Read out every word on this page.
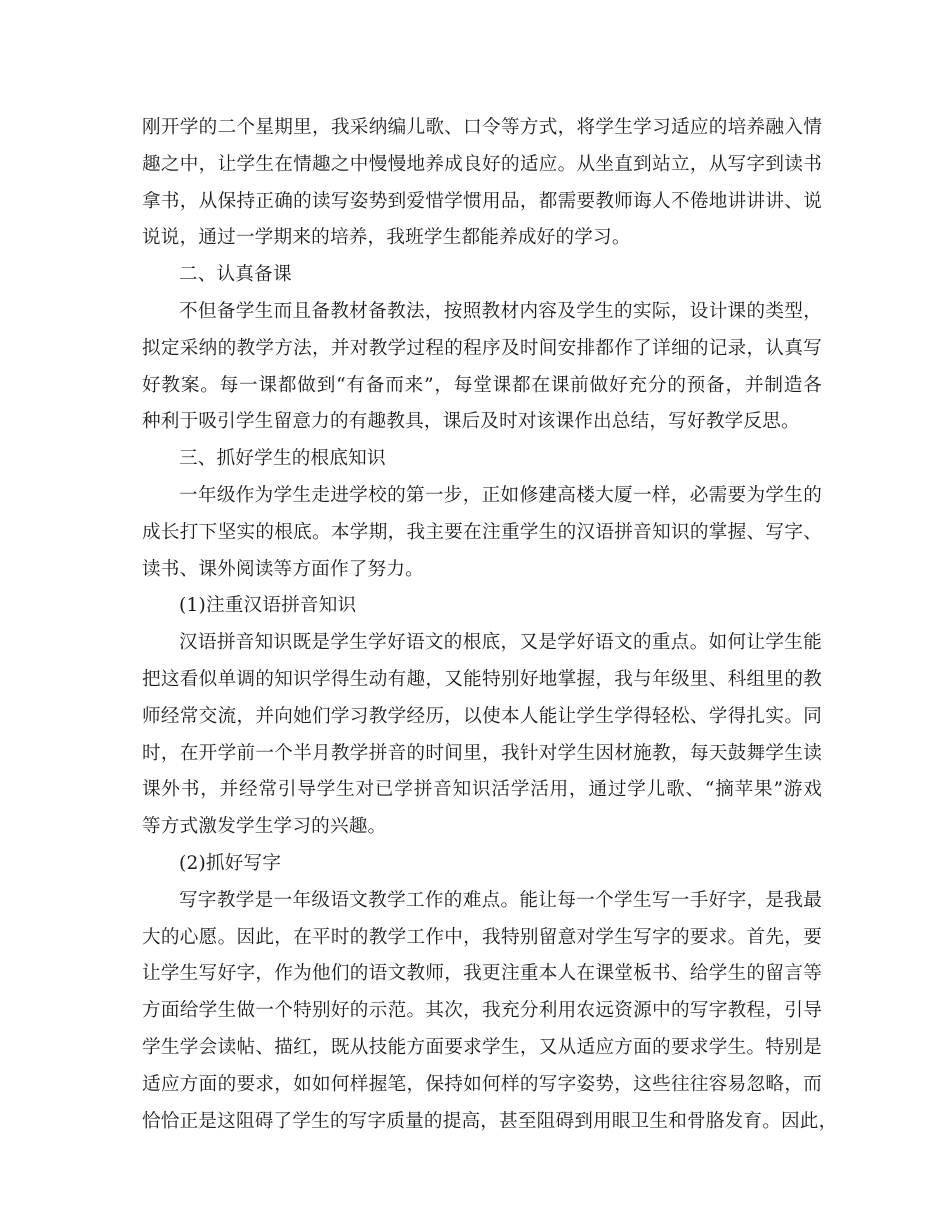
刚开学的二个星期里，我采纳编儿歌、口令等方式，将学生学习适应的培养融入情
趣之中，让学生在情趣之中慢慢地养成良好的适应。从坐直到站立，从写字到读书
拿书，从保持正确的读写姿势到爱惜学惯用品，都需要教师诲人不倦地讲讲讲、说
说说，通过一学期来的培养，我班学生都能养成好的学习。
二、认真备课
不但备学生而且备教材备教法，按照教材内容及学生的实际，设计课的类型，
拟定采纳的教学方法，并对教学过程的程序及时间安排都作了详细的记录，认真写
好教案。每一课都做到“有备而来”，每堂课都在课前做好充分的预备，并制造各
种利于吸引学生留意力的有趣教具，课后及时对该课作出总结，写好教学反思。
三、抓好学生的根底知识
一年级作为学生走进学校的第一步，正如修建高楼大厦一样，必需要为学生的
成长打下坚实的根底。本学期，我主要在注重学生的汉语拼音知识的掌握、写字、
读书、课外阅读等方面作了努力。
(1)注重汉语拼音知识
汉语拼音知识既是学生学好语文的根底，又是学好语文的重点。如何让学生能
把这看似单调的知识学得生动有趣，又能特别好地掌握，我与年级里、科组里的教
师经常交流，并向她们学习教学经历，以使本人能让学生学得轻松、学得扎实。同
时，在开学前一个半月教学拼音的时间里，我针对学生因材施教，每天鼓舞学生读
课外书，并经常引导学生对已学拼音知识活学活用，通过学儿歌、“摘苹果”游戏
等方式激发学生学习的兴趣。
(2)抓好写字
写字教学是一年级语文教学工作的难点。能让每一个学生写一手好字，是我最
大的心愿。因此，在平时的教学工作中，我特别留意对学生写字的要求。首先，要
让学生写好字，作为他们的语文教师，我更注重本人在课堂板书、给学生的留言等
方面给学生做一个特别好的示范。其次，我充分利用农远资源中的写字教程，引导
学生学会读帖、描红，既从技能方面要求学生，又从适应方面的要求学生。特别是
适应方面的要求，如如何样握笔，保持如何样的写字姿势，这些往往容易忽略，而
恰恰正是这阻碍了学生的写字质量的提高，甚至阻碍到用眼卫生和骨胳发育。因此，
